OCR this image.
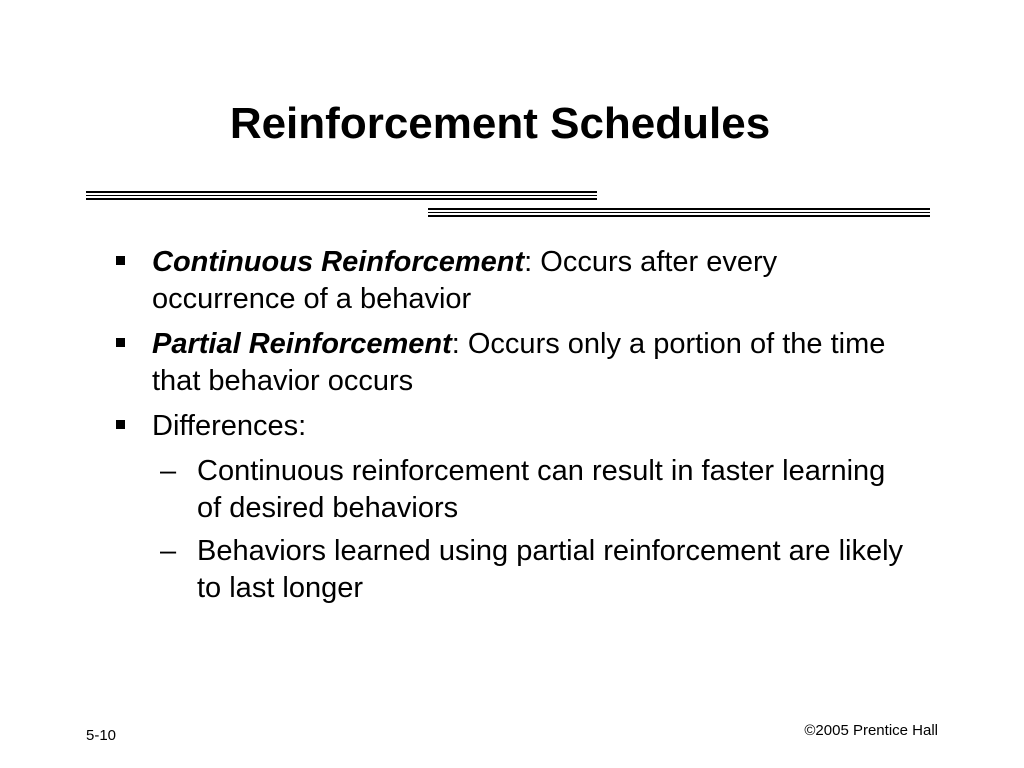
Reinforcement Schedules
Continuous Reinforcement: Occurs after every occurrence of a behavior
Partial Reinforcement: Occurs only a portion of the time that behavior occurs
Differences:
– Continuous reinforcement can result in faster learning of desired behaviors
– Behaviors learned using partial reinforcement are likely to last longer
5-10	©2005 Prentice Hall
